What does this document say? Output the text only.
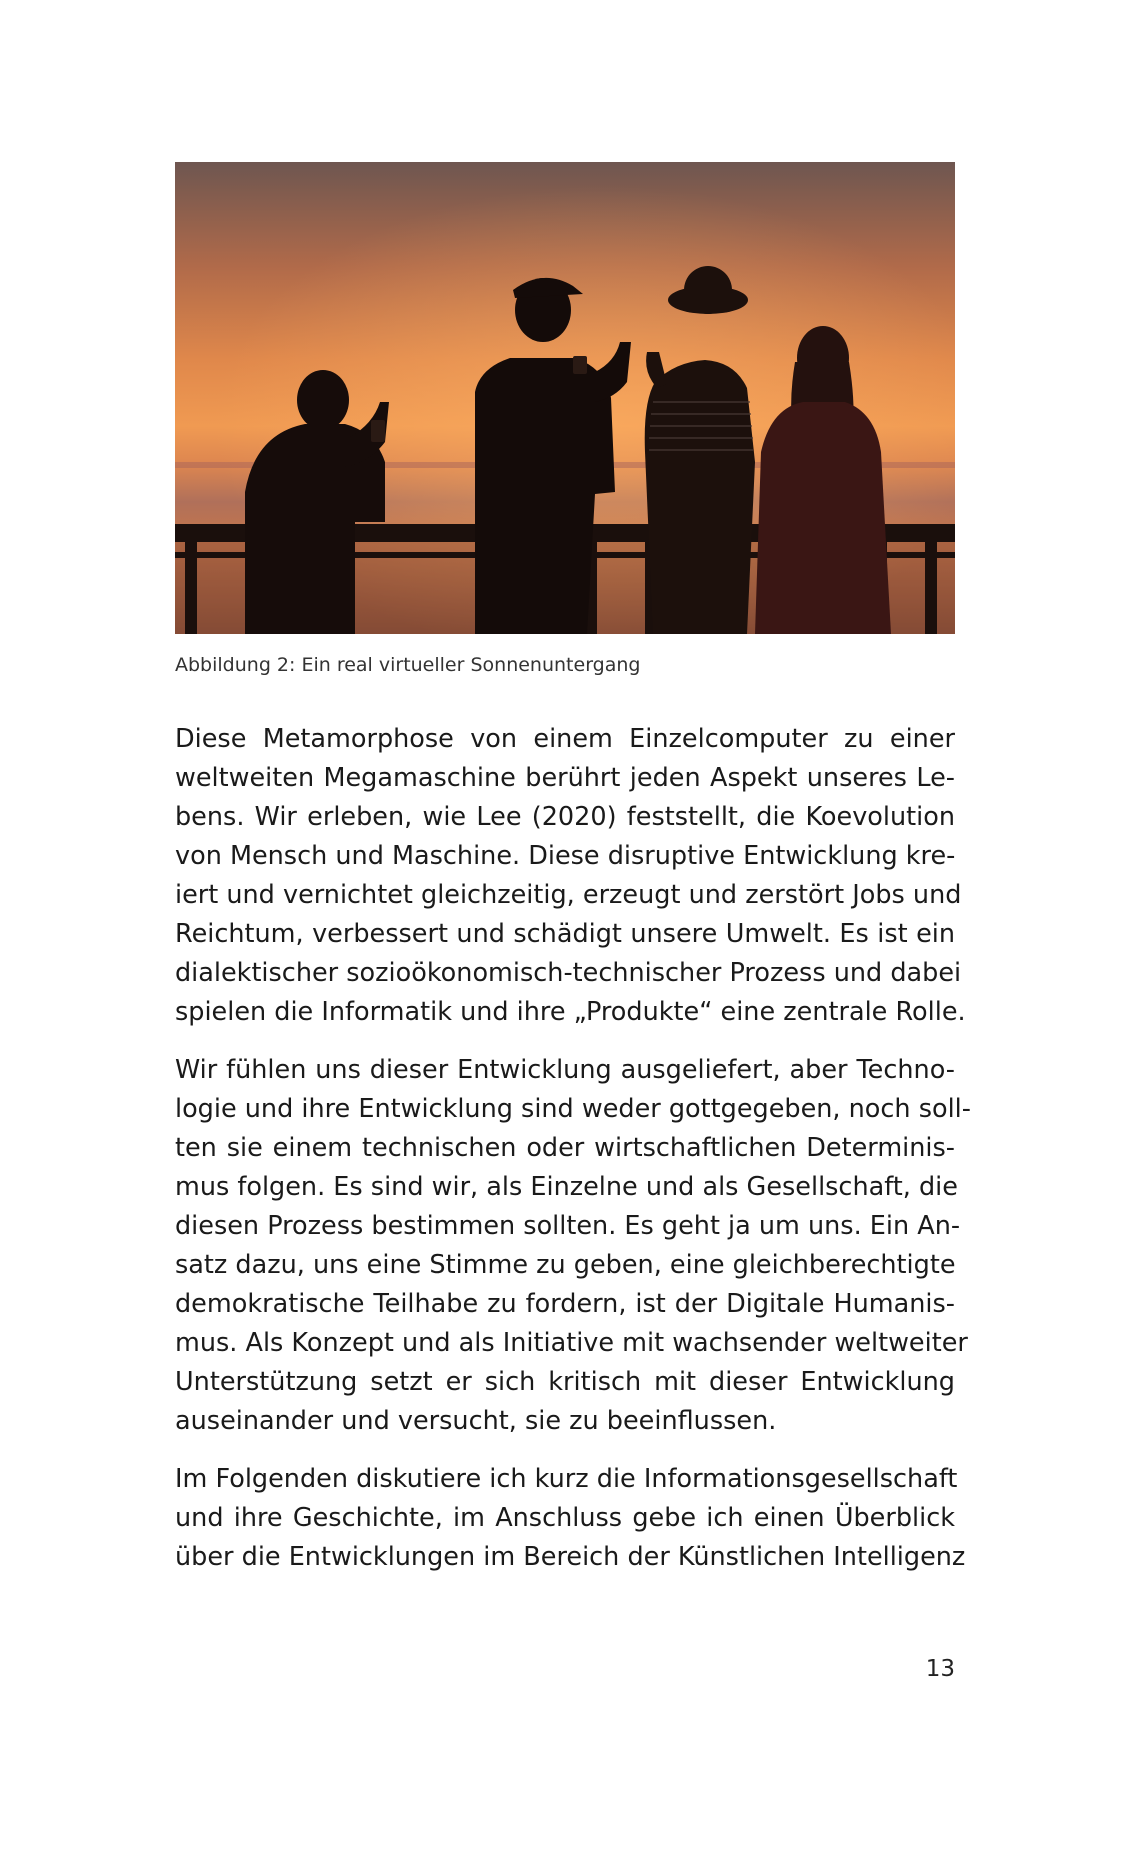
Abbildung 2: Ein real virtueller Sonnenuntergang

Diese Metamorphose von einem Einzelcomputer zu einer
weltweiten Megamaschine berührt jeden Aspekt unseres Le-
bens. Wir erleben, wie Lee (2020) feststellt, die Koevolution
von Mensch und Maschine. Diese disruptive Entwicklung kre-
iert und vernichtet gleichzeitig, erzeugt und zerstört Jobs und
Reichtum, verbessert und schädigt unsere Umwelt. Es ist ein
dialektischer sozioökonomisch-technischer Prozess und dabei
spielen die Informatik und ihre „Produkte“ eine zentrale Rolle.

Wir fühlen uns dieser Entwicklung ausgeliefert, aber Techno-
logie und ihre Entwicklung sind weder gottgegeben, noch soll-
ten sie einem technischen oder wirtschaftlichen Determinis-
mus folgen. Es sind wir, als Einzelne und als Gesellschaft, die
diesen Prozess bestimmen sollten. Es geht ja um uns. Ein An-
satz dazu, uns eine Stimme zu geben, eine gleichberechtigte
demokratische Teilhabe zu fordern, ist der Digitale Humanis-
mus. Als Konzept und als Initiative mit wachsender weltweiter
Unterstützung setzt er sich kritisch mit dieser Entwicklung
auseinander und versucht, sie zu beeinflussen.

Im Folgenden diskutiere ich kurz die Informationsgesellschaft
und ihre Geschichte, im Anschluss gebe ich einen Überblick
über die Entwicklungen im Bereich der Künstlichen Intelligenz

13
